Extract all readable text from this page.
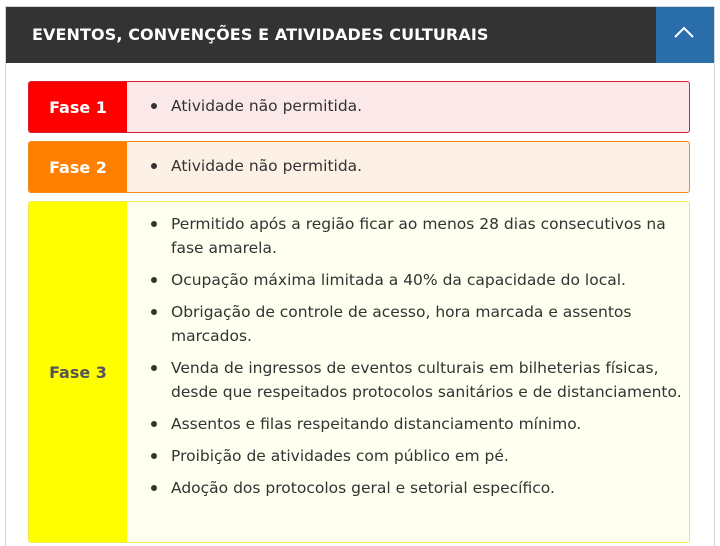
EVENTOS, CONVENÇÕES E ATIVIDADES CULTURAIS
Fase 1	Atividade não permitida.
Fase 2	Atividade não permitida.
Fase 3
Permitido após a região ficar ao menos 28 dias consecutivos na fase amarela.
Ocupação máxima limitada a 40% da capacidade do local.
Obrigação de controle de acesso, hora marcada e assentos marcados.
Venda de ingressos de eventos culturais em bilheterias físicas, desde que respeitados protocolos sanitários e de distanciamento.
Assentos e filas respeitando distanciamento mínimo.
Proibição de atividades com público em pé.
Adoção dos protocolos geral e setorial específico.
